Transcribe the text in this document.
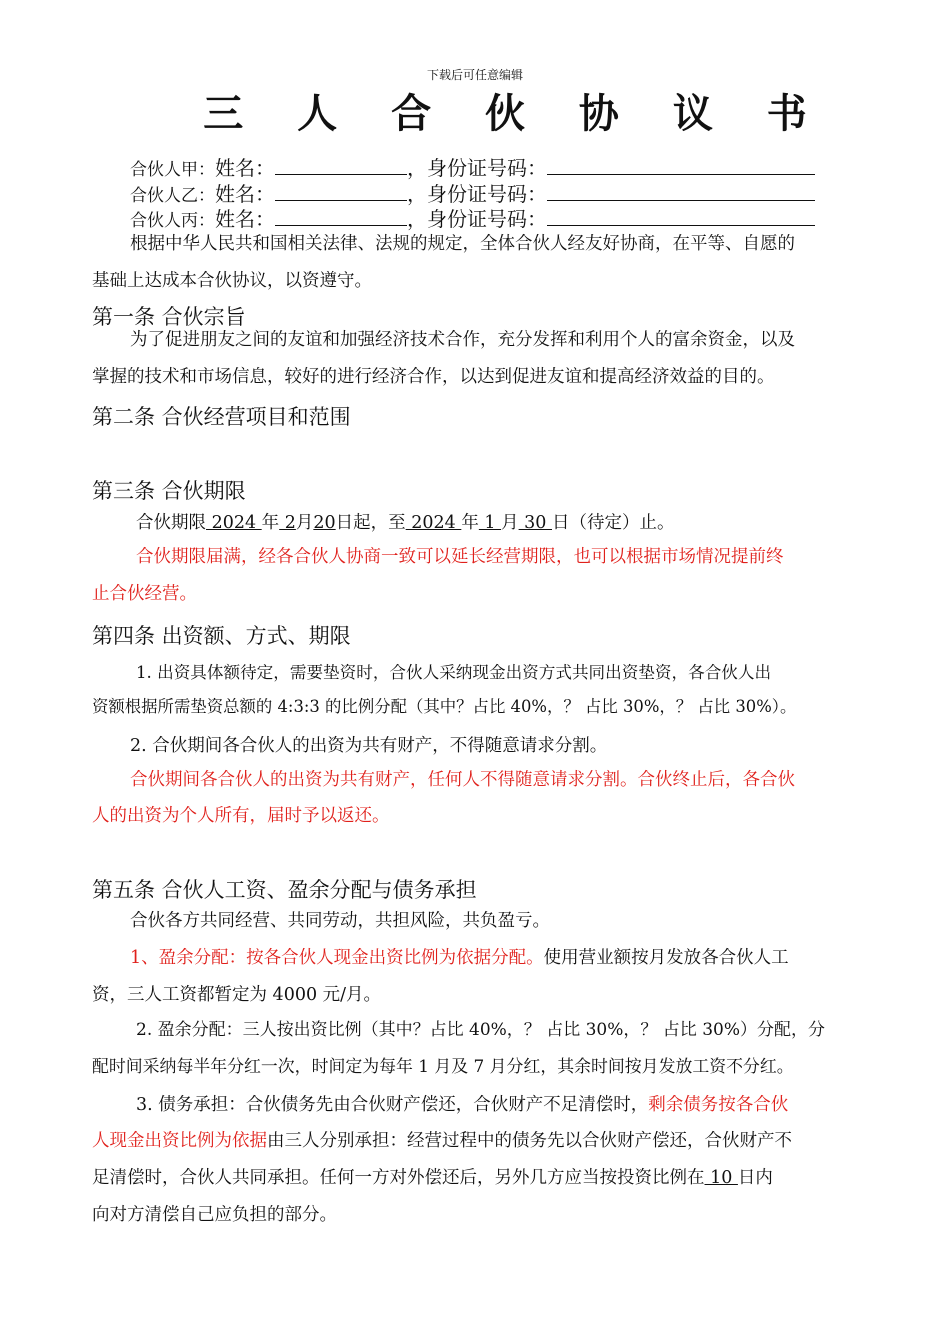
下载后可任意编辑
三 人 合 伙 协 议 书
合伙人甲：姓名：	，身份证号码：
合伙人乙：姓名：	，身份证号码：
合伙人丙：姓名：	，身份证号码：
根据中华人民共和国相关法律、法规的规定，全体合伙人经友好协商，在平等、自愿的
基础上达成本合伙协议，以资遵守。
第一条 合伙宗旨
为了促进朋友之间的友谊和加强经济技术合作，充分发挥和利用个人的富余资金，以及
掌握的技术和市场信息，较好的进行经济合作，以达到促进友谊和提高经济效益的目的。
第二条 合伙经营项目和范围
第三条 合伙期限
合伙期限 2024 年 2月20日起，至 2024 年 1 月 30 日（待定）止。
合伙期限届满，经各合伙人协商一致可以延长经营期限，也可以根据市场情况提前终
止合伙经营。
第四条 出资额、方式、期限
1. 出资具体额待定，需要垫资时，合伙人采纳现金出资方式共同出资垫资，各合伙人出
资额根据所需垫资总额的 4:3:3 的比例分配（其中？占比 40%，？ 占比 30%，？ 占比 30%）。
2. 合伙期间各合伙人的出资为共有财产，不得随意请求分割。
合伙期间各合伙人的出资为共有财产，任何人不得随意请求分割。合伙终止后，各合伙
人的出资为个人所有，届时予以返还。
第五条 合伙人工资、盈余分配与债务承担
合伙各方共同经营、共同劳动，共担风险，共负盈亏。
1、盈余分配：按各合伙人现金出资比例为依据分配。使用营业额按月发放各合伙人工
资，三人工资都暂定为 4000 元/月。
2. 盈余分配：三人按出资比例（其中？占比 40%，？ 占比 30%，？ 占比 30%）分配，分
配时间采纳每半年分红一次，时间定为每年 1 月及 7 月分红，其余时间按月发放工资不分红。
3. 债务承担：合伙债务先由合伙财产偿还，合伙财产不足清偿时，剩余债务按各合伙
人现金出资比例为依据由三人分别承担：经营过程中的债务先以合伙财产偿还，合伙财产不
足清偿时，合伙人共同承担。任何一方对外偿还后，另外几方应当按投资比例在 10 日内
向对方清偿自己应负担的部分。
